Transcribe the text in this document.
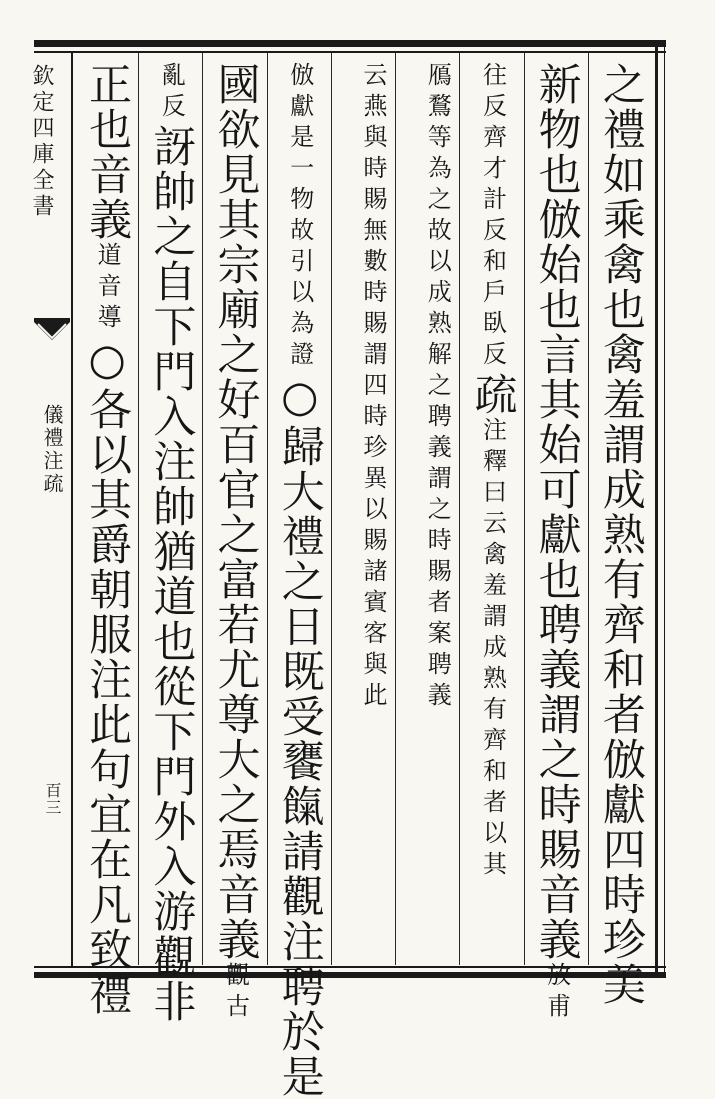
欽定四庫全書
儀禮注疏
百三	之禮如乘禽也禽羞謂成熟有齊和者倣獻四時珍美
新物也倣始也言其始可獻也聘義謂之時賜音義放甫
往反齊才計反和戶臥反疏注釋曰云禽羞謂成熟有齊和者以其
鴈鶩等為之故以成熟解之聘義謂之時賜者案聘義
云燕與時賜無數時賜謂四時珍異以賜諸賓客與此
倣獻是一物故引以為證○歸大禮之日既受饔餼請觀注聘於是
國欲見其宗廟之好百官之富若尤尊大之焉音義觀古
亂反訝帥之自下門入注帥猶道也從下門外入游觀非
正也音義道音導○各以其爵朝服注此句宜在凡致禮
